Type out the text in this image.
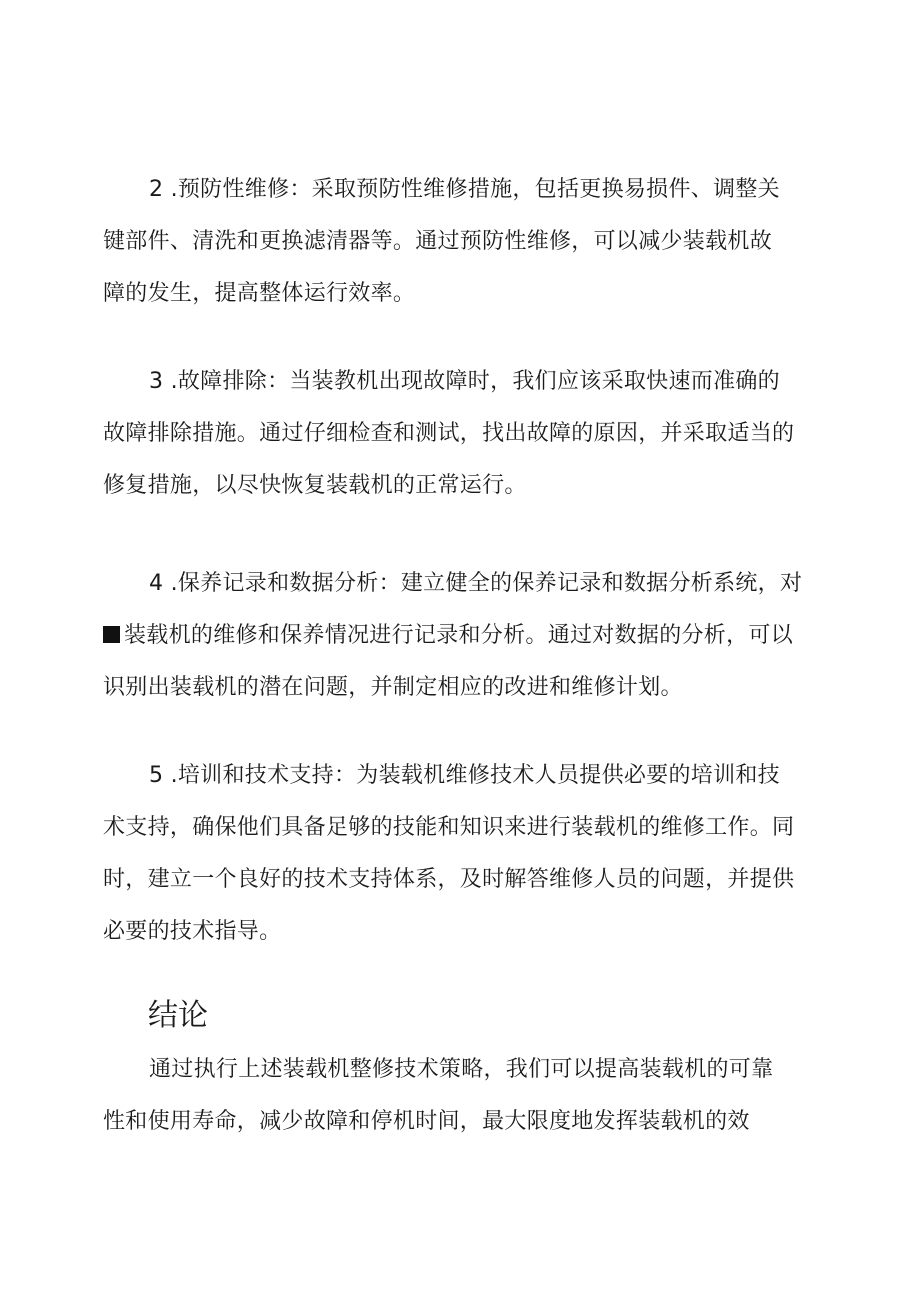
2 .预防性维修：采取预防性维修措施，包括更换易损件、调整关
键部件、清洗和更换滤清器等。通过预防性维修，可以减少装载机故
障的发生，提高整体运行效率。

3 .故障排除：当装教机出现故障时，我们应该采取快速而准确的
故障排除措施。通过仔细检查和测试，找出故障的原因，并采取适当的
修复措施，以尽快恢复装载机的正常运行。

4 .保养记录和数据分析：建立健全的保养记录和数据分析系统，对
装载机的维修和保养情况进行记录和分析。通过对数据的分析，可以
识别出装载机的潜在问题，并制定相应的改进和维修计划。

5 .培训和技术支持：为装载机维修技术人员提供必要的培训和技
术支持，确保他们具备足够的技能和知识来进行装载机的维修工作。同
时，建立一个良好的技术支持体系，及时解答维修人员的问题，并提供
必要的技术指导。

结论

通过执行上述装载机整修技术策略，我们可以提高装载机的可靠
性和使用寿命，减少故障和停机时间，最大限度地发挥装载机的效
